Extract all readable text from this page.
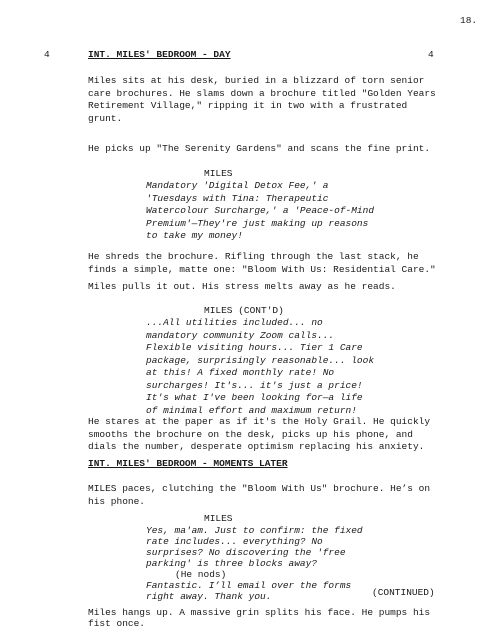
18.
4	INT. MILES' BEDROOM - DAY	4
Miles sits at his desk, buried in a blizzard of torn senior
care brochures. He slams down a brochure titled "Golden Years
Retirement Village," ripping it in two with a frustrated
grunt.
He picks up "The Serenity Gardens" and scans the fine print.
MILES
Mandatory 'Digital Detox Fee,' a
'Tuesdays with Tina: Therapeutic
Watercolour Surcharge,' a 'Peace-of-Mind
Premium'—They're just making up reasons
to take my money!
He shreds the brochure. Rifling through the last stack, he
finds a simple, matte one: "Bloom With Us: Residential Care."
Miles pulls it out. His stress melts away as he reads.
MILES (CONT'D)
...All utilities included... no
mandatory community Zoom calls...
Flexible visiting hours... Tier 1 Care
package, surprisingly reasonable... look
at this! A fixed monthly rate! No
surcharges! It's... it's just a price!
It's what I've been looking for—a life
of minimal effort and maximum return!
He stares at the paper as if it's the Holy Grail. He quickly
smooths the brochure on the desk, picks up his phone, and
dials the number, desperate optimism replacing his anxiety.
INT. MILES' BEDROOM - MOMENTS LATER
MILES paces, clutching the "Bloom With Us" brochure. He’s on
his phone.
MILES
Yes, ma'am. Just to confirm: the fixed
rate includes... everything? No
surprises? No discovering the 'free
parking' is three blocks away?
(He nods)
Fantastic. I’ll email over the forms
right away. Thank you.
Miles hangs up. A massive grin splits his face. He pumps his
fist once.
(CONTINUED)
